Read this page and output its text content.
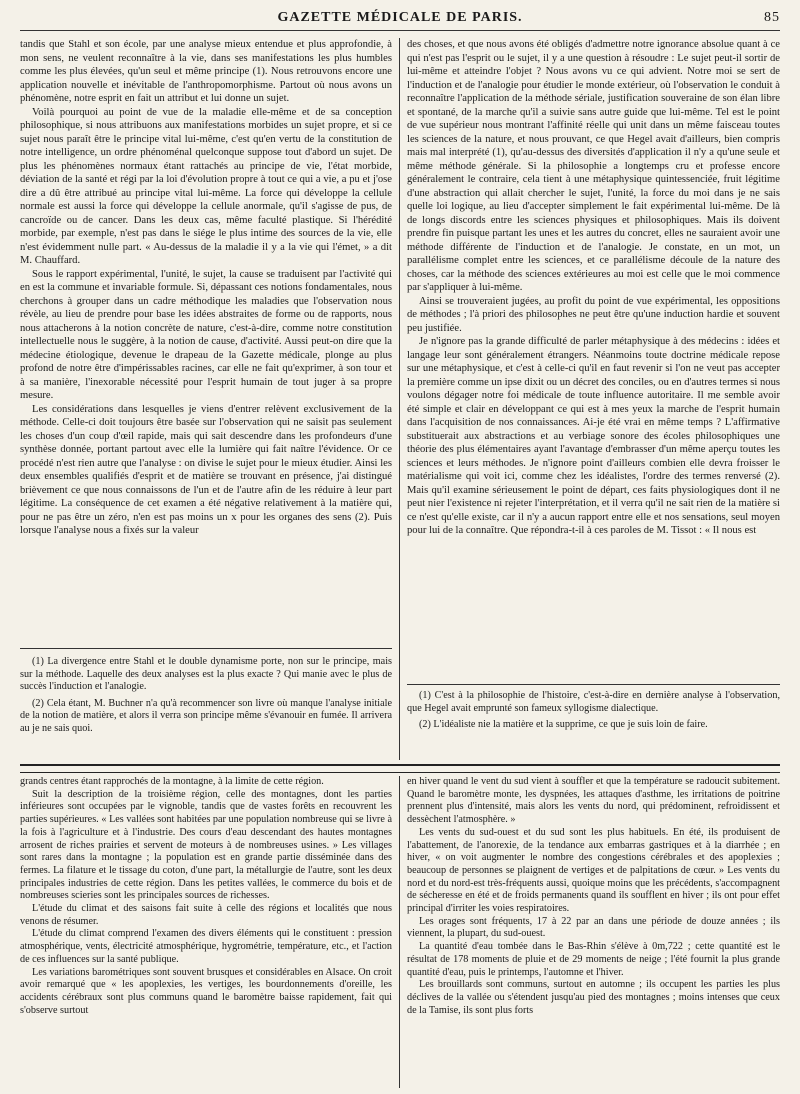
GAZETTE MÉDICALE DE PARIS.	85

tandis que Stahl et son école, par une analyse mieux entendue et plus approfondie, à mon sens, ne veulent reconnaître à la vie, dans ses manifestations les plus humbles comme les plus élevées, qu'un seul et même principe (1). Nous retrouvons encore une application nouvelle et inévitable de l'anthropomorphisme. Partout où nous avons un phénomène, notre esprit en fait un attribut et lui donne un sujet.

Voilà pourquoi au point de vue de la maladie elle-même et de sa conception philosophique, si nous attribuons aux manifestations morbides un sujet propre, et si ce sujet nous paraît être le principe vital lui-même, c'est qu'en vertu de la constitution de notre intelligence, un ordre phénoménal quelconque suppose tout d'abord un sujet. De plus les phénomènes normaux étant rattachés au principe de vie, l'état morbide, déviation de la santé et régi par la loi d'évolution propre à tout ce qui a vie, a pu et j'ose dire a dû être attribué au principe vital lui-même. La force qui développe la cellule normale est aussi la force qui développe la cellule anormale, qu'il s'agisse de pus, de cancroïde ou de cancer. Dans les deux cas, même faculté plastique. Si l'hérédité morbide, par exemple, n'est pas dans le siége le plus intime des sources de la vie, elle n'est évidemment nulle part. « Au-dessus de la maladie il y a la vie qui l'émet, » a dit M. Chauffard.

Sous le rapport expérimental, l'unité, le sujet, la cause se traduisent par l'activité qui en est la commune et invariable formule. Si, dépassant ces notions fondamentales, nous cherchons à grouper dans un cadre méthodique les maladies que l'observation nous révèle, au lieu de prendre pour base les idées abstraites de forme ou de rapports, nous nous attacherons à la notion concrète de nature, c'est-à-dire, comme notre constitution intellectuelle nous le suggère, à la notion de cause, d'activité. Aussi peut-on dire que la médecine étiologique, devenue le drapeau de la Gazette médicale, plonge au plus profond de notre être d'impérissables racines, car elle ne fait qu'exprimer, à son tour et à sa manière, l'inexorable nécessité pour l'esprit humain de tout juger à sa propre mesure.

Les considérations dans lesquelles je viens d'entrer relèvent exclusivement de la méthode. Celle-ci doit toujours être basée sur l'observation qui ne saisit pas seulement les choses d'un coup d'œil rapide, mais qui sait descendre dans les profondeurs d'une synthèse donnée, portant partout avec elle la lumière qui fait naître l'évidence. Or ce procédé n'est rien autre que l'analyse : on divise le sujet pour le mieux étudier. Ainsi les deux ensembles qualifiés d'esprit et de matière se trouvant en présence, j'ai distingué brièvement ce que nous connaissons de l'un et de l'autre afin de les réduire à leur part légitime. La conséquence de cet examen a été négative relativement à la matière qui, pour ne pas être un zéro, n'en est pas moins un x pour les organes des sens (2). Puis lorsque l'analyse nous a fixés sur la valeur

(1) La divergence entre Stahl et le double dynamisme porte, non sur le principe, mais sur la méthode. Laquelle des deux analyses est la plus exacte ? Qui manie avec le plus de succès l'induction et l'analogie.

(2) Cela étant, M. Buchner n'a qu'à recommencer son livre où manque l'analyse initiale de la notion de matière, et alors il verra son principe même s'évanouir en fumée. Il arrivera au je ne sais quoi.

des choses, et que nous avons été obligés d'admettre notre ignorance absolue quant à ce qui n'est pas l'esprit ou le sujet, il y a une question à résoudre : Le sujet peut-il sortir de lui-même et atteindre l'objet ? Nous avons vu ce qui advient. Notre moi se sert de l'induction et de l'analogie pour étudier le monde extérieur, où l'observation le conduit à reconnaître l'application de la méthode sériale, justification souveraine de son élan libre et spontané, de la marche qu'il a suivie sans autre guide que lui-même. Tel est le point de vue supérieur nous montrant l'affinité réelle qui unit dans un même faisceau toutes les sciences de la nature, et nous prouvant, ce que Hegel avait d'ailleurs, bien compris mais mal interprété (1), qu'au-dessus des diversités d'application il n'y a qu'une seule et même méthode générale. Si la philosophie a longtemps cru et professe encore généralement le contraire, cela tient à une métaphysique quintessenciée, fruit légitime d'une abstraction qui allait chercher le sujet, l'unité, la force du moi dans je ne sais quelle loi logique, au lieu d'accepter simplement le fait expérimental lui-même. De là de longs discords entre les sciences physiques et philosophiques. Mais ils doivent prendre fin puisque partant les unes et les autres du concret, elles ne sauraient avoir une méthode différente de l'induction et de l'analogie. Je constate, en un mot, un parallélisme complet entre les sciences, et ce parallélisme découle de la nature des choses, car la méthode des sciences extérieures au moi est celle que le moi commence par s'appliquer à lui-même.

Ainsi se trouveraient jugées, au profit du point de vue expérimental, les oppositions de méthodes ; l'à priori des philosophes ne peut être qu'une induction hardie et souvent peu justifiée.

Je n'ignore pas la grande difficulté de parler métaphysique à des médecins : idées et langage leur sont généralement étrangers. Néanmoins toute doctrine médicale repose sur une métaphysique, et c'est à celle-ci qu'il en faut revenir si l'on ne veut pas accepter la première comme un ipse dixit ou un décret des conciles, ou en d'autres termes si nous voulons dégager notre foi médicale de toute influence autoritaire. Il me semble avoir été simple et clair en développant ce qui est à mes yeux la marche de l'esprit humain dans l'acquisition de nos connaissances. Ai-je été vrai en même temps ? L'affirmative substituerait aux abstractions et au verbiage sonore des écoles philosophiques une théorie des plus élémentaires ayant l'avantage d'embrasser d'un même aperçu toutes les sciences et leurs méthodes. Je n'ignore point d'ailleurs combien elle devra froisser le matérialisme qui voit ici, comme chez les idéalistes, l'ordre des termes renversé (2). Mais qu'il examine sérieusement le point de départ, ces faits physiologiques dont il ne peut nier l'existence ni rejeter l'interprétation, et il verra qu'il ne sait rien de la matière si ce n'est qu'elle existe, car il n'y a aucun rapport entre elle et nos sensations, seul moyen pour lui de la connaître. Que répondra-t-il à ces paroles de M. Tissot : « Il nous est

(1) C'est à la philosophie de l'histoire, c'est-à-dire en dernière analyse à l'observation, que Hegel avait emprunté son fameux syllogisme dialectique.

(2) L'idéaliste nie la matière et la supprime, ce que je suis loin de faire.

grands centres étant rapprochés de la montagne, à la limite de cette région.

Suit la description de la troisième région, celle des montagnes, dont les parties inférieures sont occupées par le vignoble, tandis que de vastes forêts en recouvrent les parties supérieures. « Les vallées sont habitées par une population nombreuse qui se livre à la fois à l'agriculture et à l'industrie. Des cours d'eau descendant des hautes montagnes arrosent de riches prairies et servent de moteurs à de nombreuses usines. » Les villages sont rares dans la montagne ; la population est en grande partie disséminée dans des fermes. La filature et le tissage du coton, d'une part, la métallurgie de l'autre, sont les deux principales industries de cette région. Dans les petites vallées, le commerce du bois et de nombreuses scieries sont les principales sources de richesses.

L'étude du climat et des saisons fait suite à celle des régions et localités que nous venons de résumer.

L'étude du climat comprend l'examen des divers éléments qui le constituent : pression atmosphérique, vents, électricité atmosphérique, hygrométrie, température, etc., et l'action de ces influences sur la santé publique.

Les variations barométriques sont souvent brusques et considérables en Alsace. On croit avoir remarqué que « les apoplexies, les vertiges, les bourdonnements d'oreille, les accidents cérébraux sont plus communs quand le baromètre baisse rapidement, fait qui s'observe surtout

en hiver quand le vent du sud vient à souffler et que la température se radoucit subitement. Quand le baromètre monte, les dyspnées, les attaques d'asthme, les irritations de poitrine prennent plus d'intensité, mais alors les vents du nord, qui prédominent, refroidissent et dessèchent l'atmosphère. »

Les vents du sud-ouest et du sud sont les plus habituels. En été, ils produisent de l'abattement, de l'anorexie, de la tendance aux embarras gastriques et à la diarrhée ; en hiver, « on voit augmenter le nombre des congestions cérébrales et des apoplexies ; beaucoup de personnes se plaignent de vertiges et de palpitations de cœur. » Les vents du nord et du nord-est très-fréquents aussi, quoique moins que les précédents, s'accompagnent de sécheresse en été et de froids permanents quand ils soufflent en hiver ; ils ont pour effet principal d'irriter les voies respiratoires.

Les orages sont fréquents, 17 à 22 par an dans une période de douze années ; ils viennent, la plupart, du sud-ouest.

La quantité d'eau tombée dans le Bas-Rhin s'élève à 0m,722 ; cette quantité est le résultat de 178 moments de pluie et de 29 moments de neige ; l'été fournit la plus grande quantité d'eau, puis le printemps, l'automne et l'hiver.

Les brouillards sont communs, surtout en automne ; ils occupent les parties les plus déclives de la vallée ou s'étendent jusqu'au pied des montagnes ; moins intenses que ceux de la Tamise, ils sont plus forts
